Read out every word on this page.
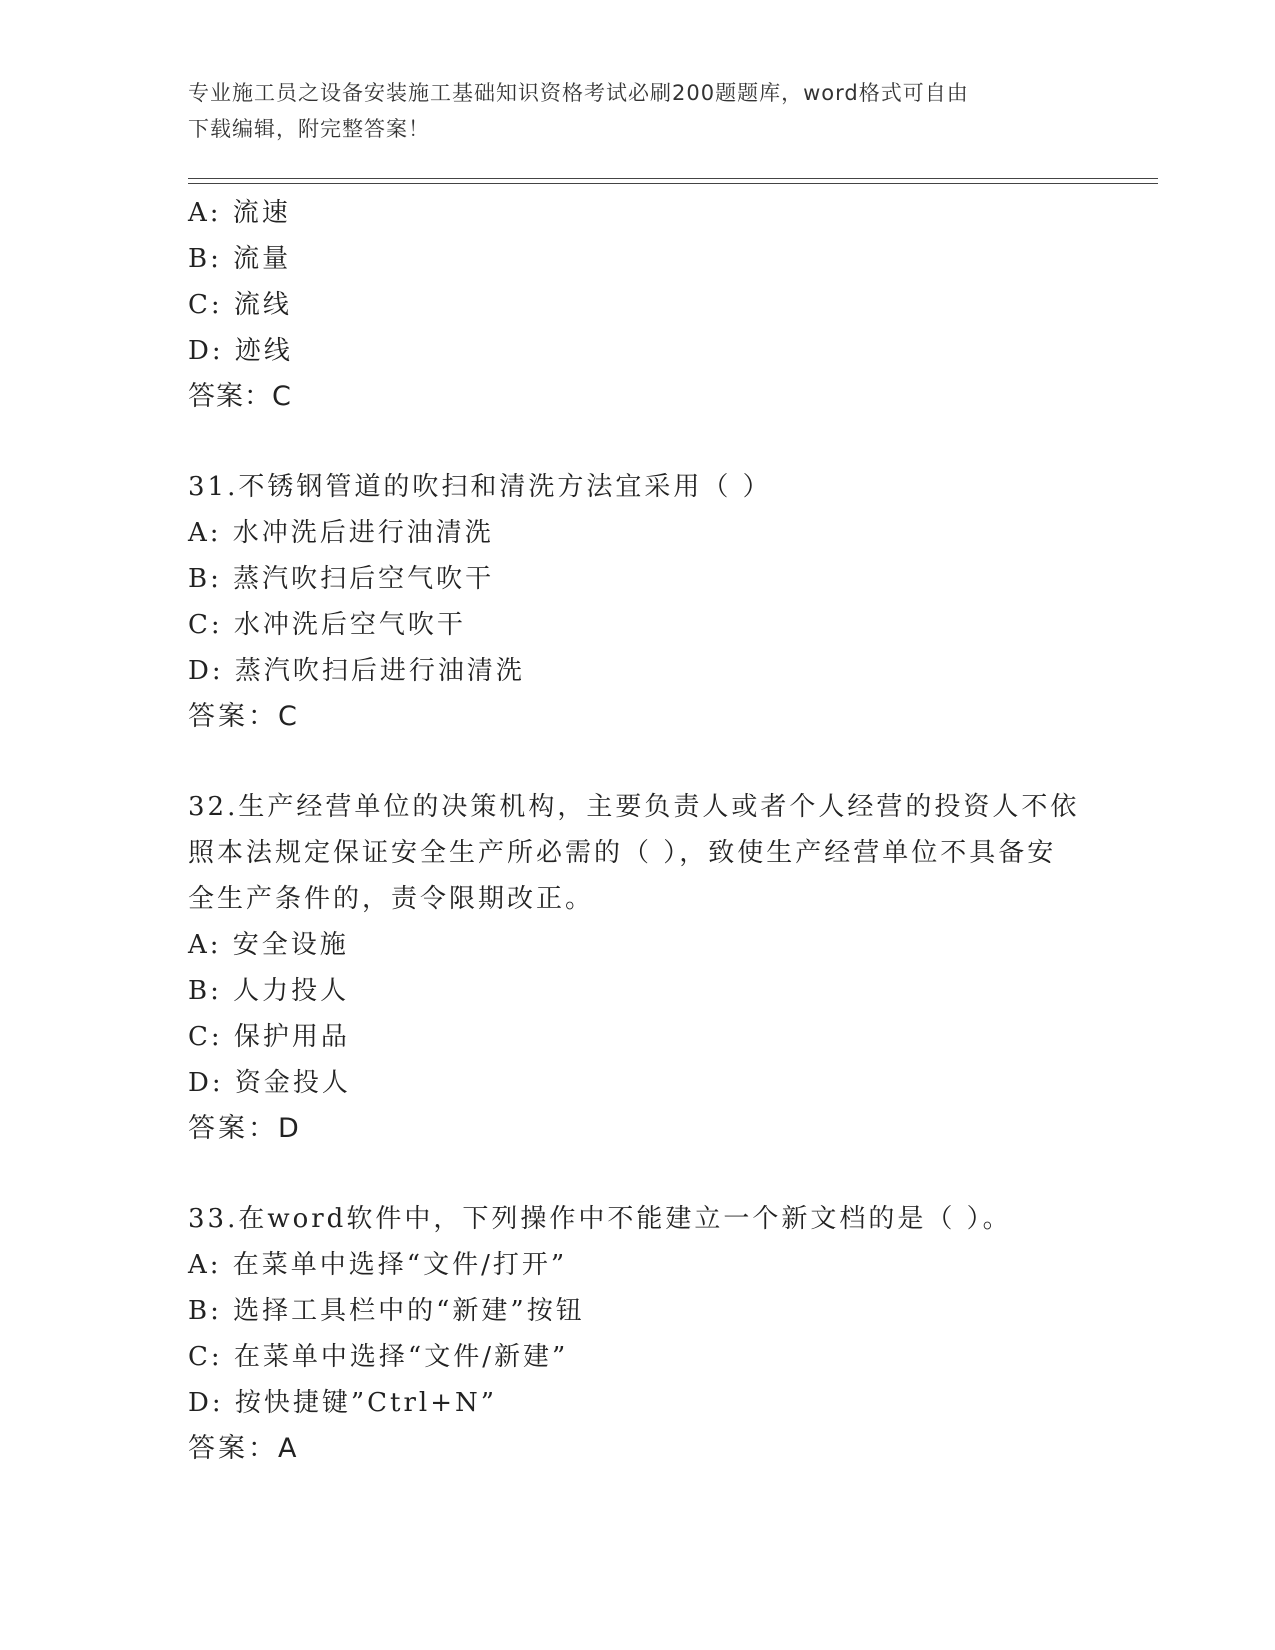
专业施工员之设备安装施工基础知识资格考试必刷200题题库，word格式可自由
下载编辑，附完整答案！
A: 流速
B: 流量
C: 流线
D: 迹线
答案：C
31.不锈钢管道的吹扫和清洗方法宜采用（ ）
A: 水冲洗后进行油清洗
B: 蒸汽吹扫后空气吹干
C: 水冲洗后空气吹干
D: 蒸汽吹扫后进行油清洗
答案：C
32.生产经营单位的决策机构，主要负责人或者个人经营的投资人不依
照本法规定保证安全生产所必需的（ ），致使生产经营单位不具备安
全生产条件的，责令限期改正。
A: 安全设施
B: 人力投人
C: 保护用品
D: 资金投人
答案：D
33.在word软件中，下列操作中不能建立一个新文档的是（ ）。
A: 在菜单中选择“文件/打开”
B: 选择工具栏中的“新建”按钮
C: 在菜单中选择“文件/新建”
D: 按快捷键”Ctrl+N”
答案：A
